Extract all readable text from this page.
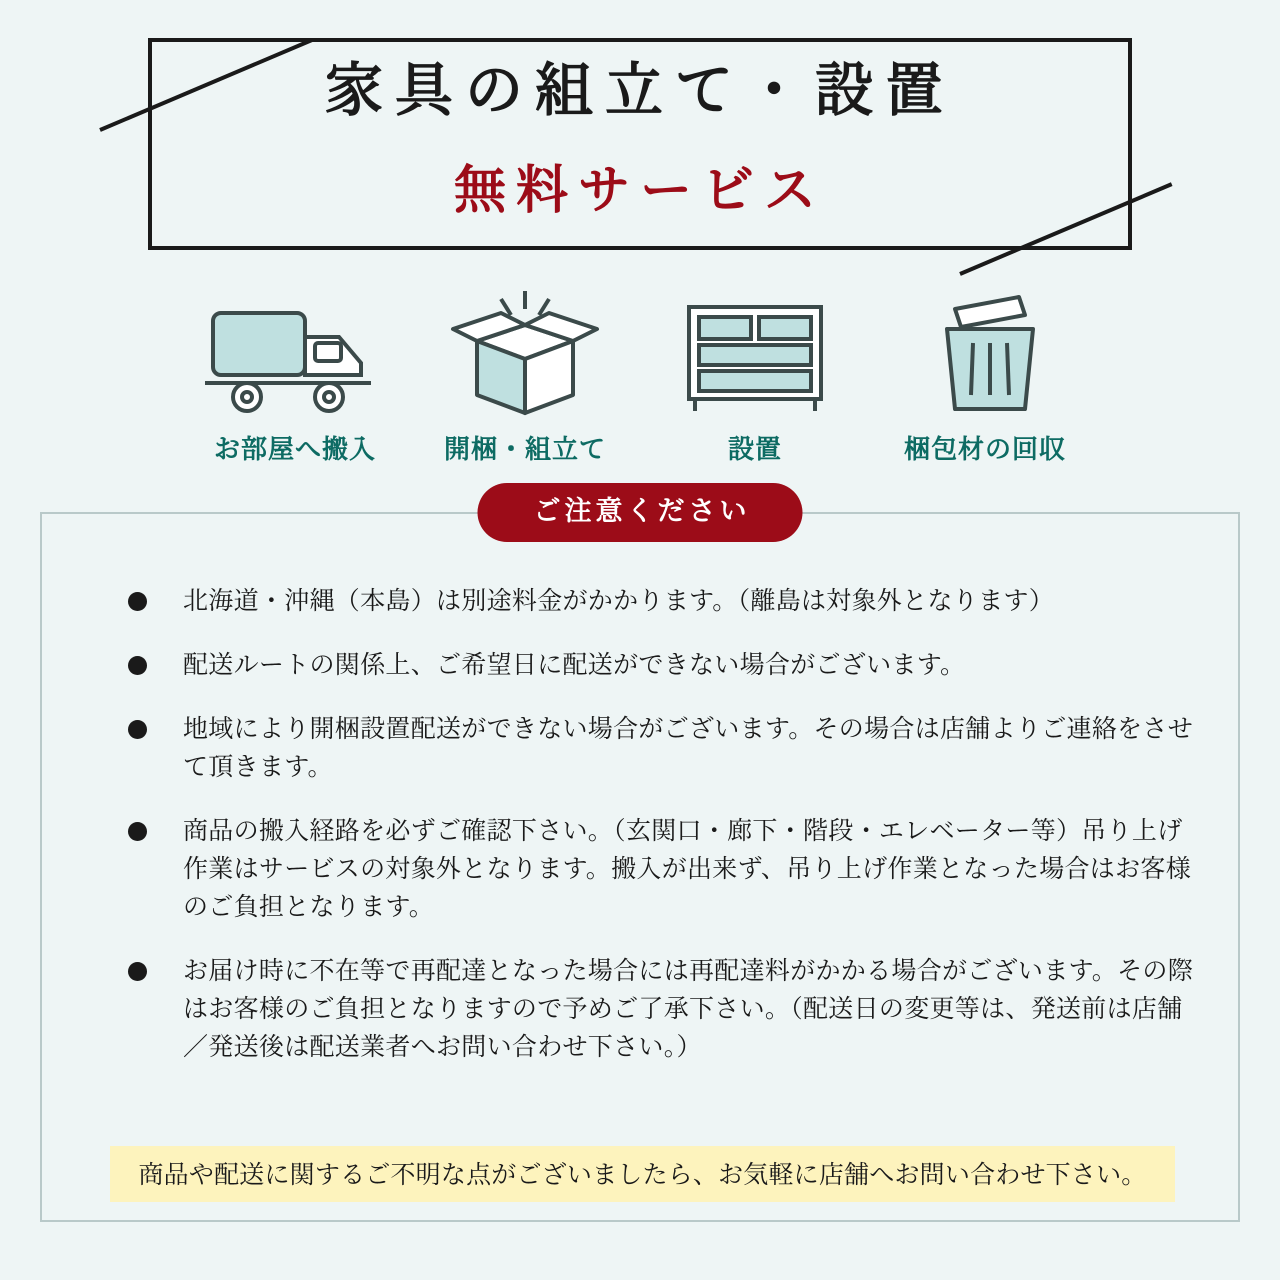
家具の組立て・設置
無料サービス
お部屋へ搬入	開梱・組立て	設置	梱包材の回収
ご注意ください
北海道・沖縄（本島）は別途料金がかかります。（離島は対象外となります）
配送ルートの関係上、ご希望日に配送ができない場合がございます。
地域により開梱設置配送ができない場合がございます。その場合は店舗よりご連絡をさせて頂きます。
商品の搬入経路を必ずご確認下さい。（玄関口・廊下・階段・エレベーター等）吊り上げ作業はサービスの対象外となります。搬入が出来ず、吊り上げ作業となった場合はお客様のご負担となります。
お届け時に不在等で再配達となった場合には再配達料がかかる場合がございます。その際はお客様のご負担となりますので予めご了承下さい。（配送日の変更等は、発送前は店舗／発送後は配送業者へお問い合わせ下さい。）
商品や配送に関するご不明な点がございましたら、お気軽に店舗へお問い合わせ下さい。
